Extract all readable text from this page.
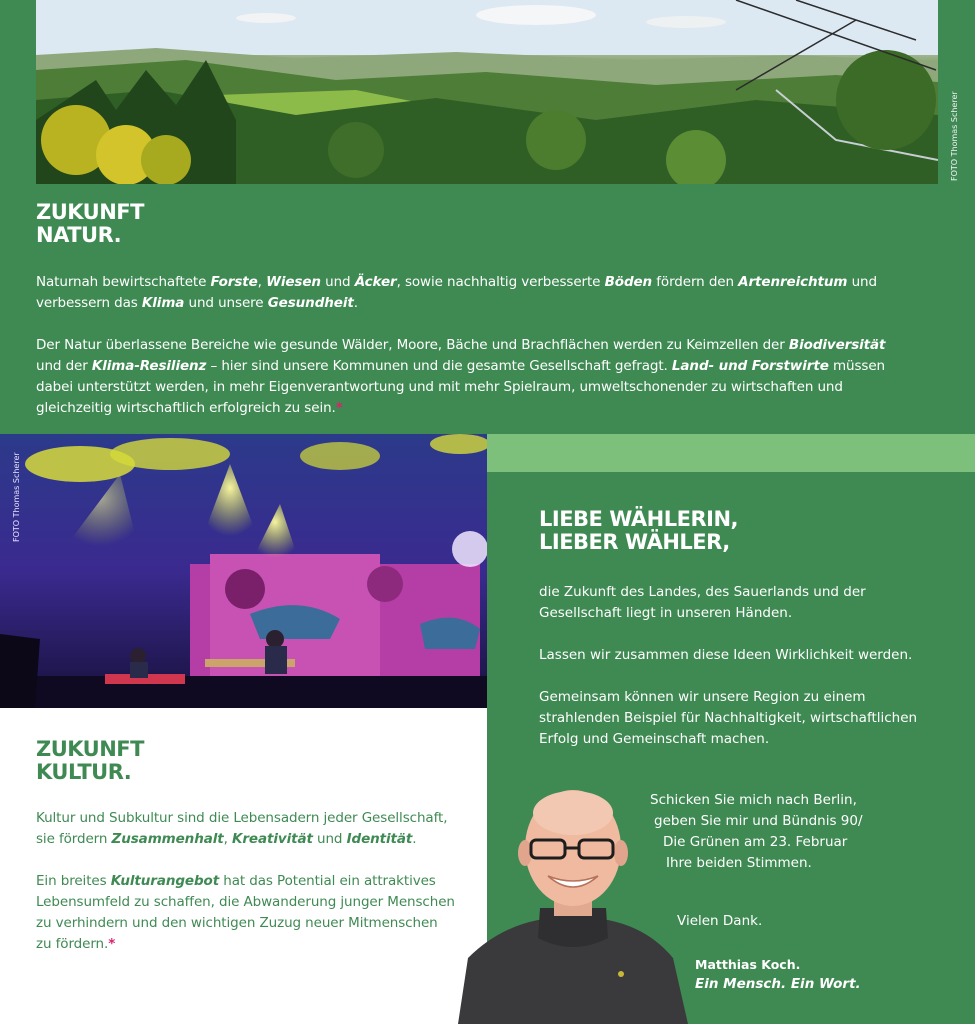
FOTO Thomas Scherer
ZUKUNFT
NATUR.

Naturnah bewirtschaftete Forste, Wiesen und Äcker, sowie nachhaltig verbesserte Böden fördern den Artenreichtum und verbessern das Klima und unsere Gesundheit.

Der Natur überlassene Bereiche wie gesunde Wälder, Moore, Bäche und Brachflächen werden zu Keimzellen der Biodiversität und der Klima-Resilienz – hier sind unsere Kommunen und die gesamte Gesellschaft gefragt. Land- und Forstwirte müssen dabei unterstützt werden, in mehr Eigenverantwortung und mit mehr Spielraum, umweltschonender zu wirtschaften und gleichzeitig wirtschaftlich erfolgreich zu sein.*

FOTO Thomas Scherer
ZUKUNFT
KULTUR.

Kultur und Subkultur sind die Lebensadern jeder Gesellschaft, sie fördern Zusammenhalt, Kreativität und Identität.

Ein breites Kulturangebot hat das Potential ein attraktives Lebensumfeld zu schaffen, die Abwanderung junger Menschen zu verhindern und den wichtigen Zuzug neuer Mitmenschen zu fördern.*

LIEBE WÄHLERIN,
LIEBER WÄHLER,

die Zukunft des Landes, des Sauerlands und der Gesellschaft liegt in unseren Händen.

Lassen wir zusammen diese Ideen Wirklichkeit werden.

Gemeinsam können wir unsere Region zu einem strahlenden Beispiel für Nachhaltigkeit, wirtschaftlichen Erfolg und Gemeinschaft machen.

Schicken Sie mich nach Berlin,
geben Sie mir und Bündnis 90/
Die Grünen am 23. Februar
Ihre beiden Stimmen.
Vielen Dank.
Matthias Koch.
Ein Mensch. Ein Wort.
